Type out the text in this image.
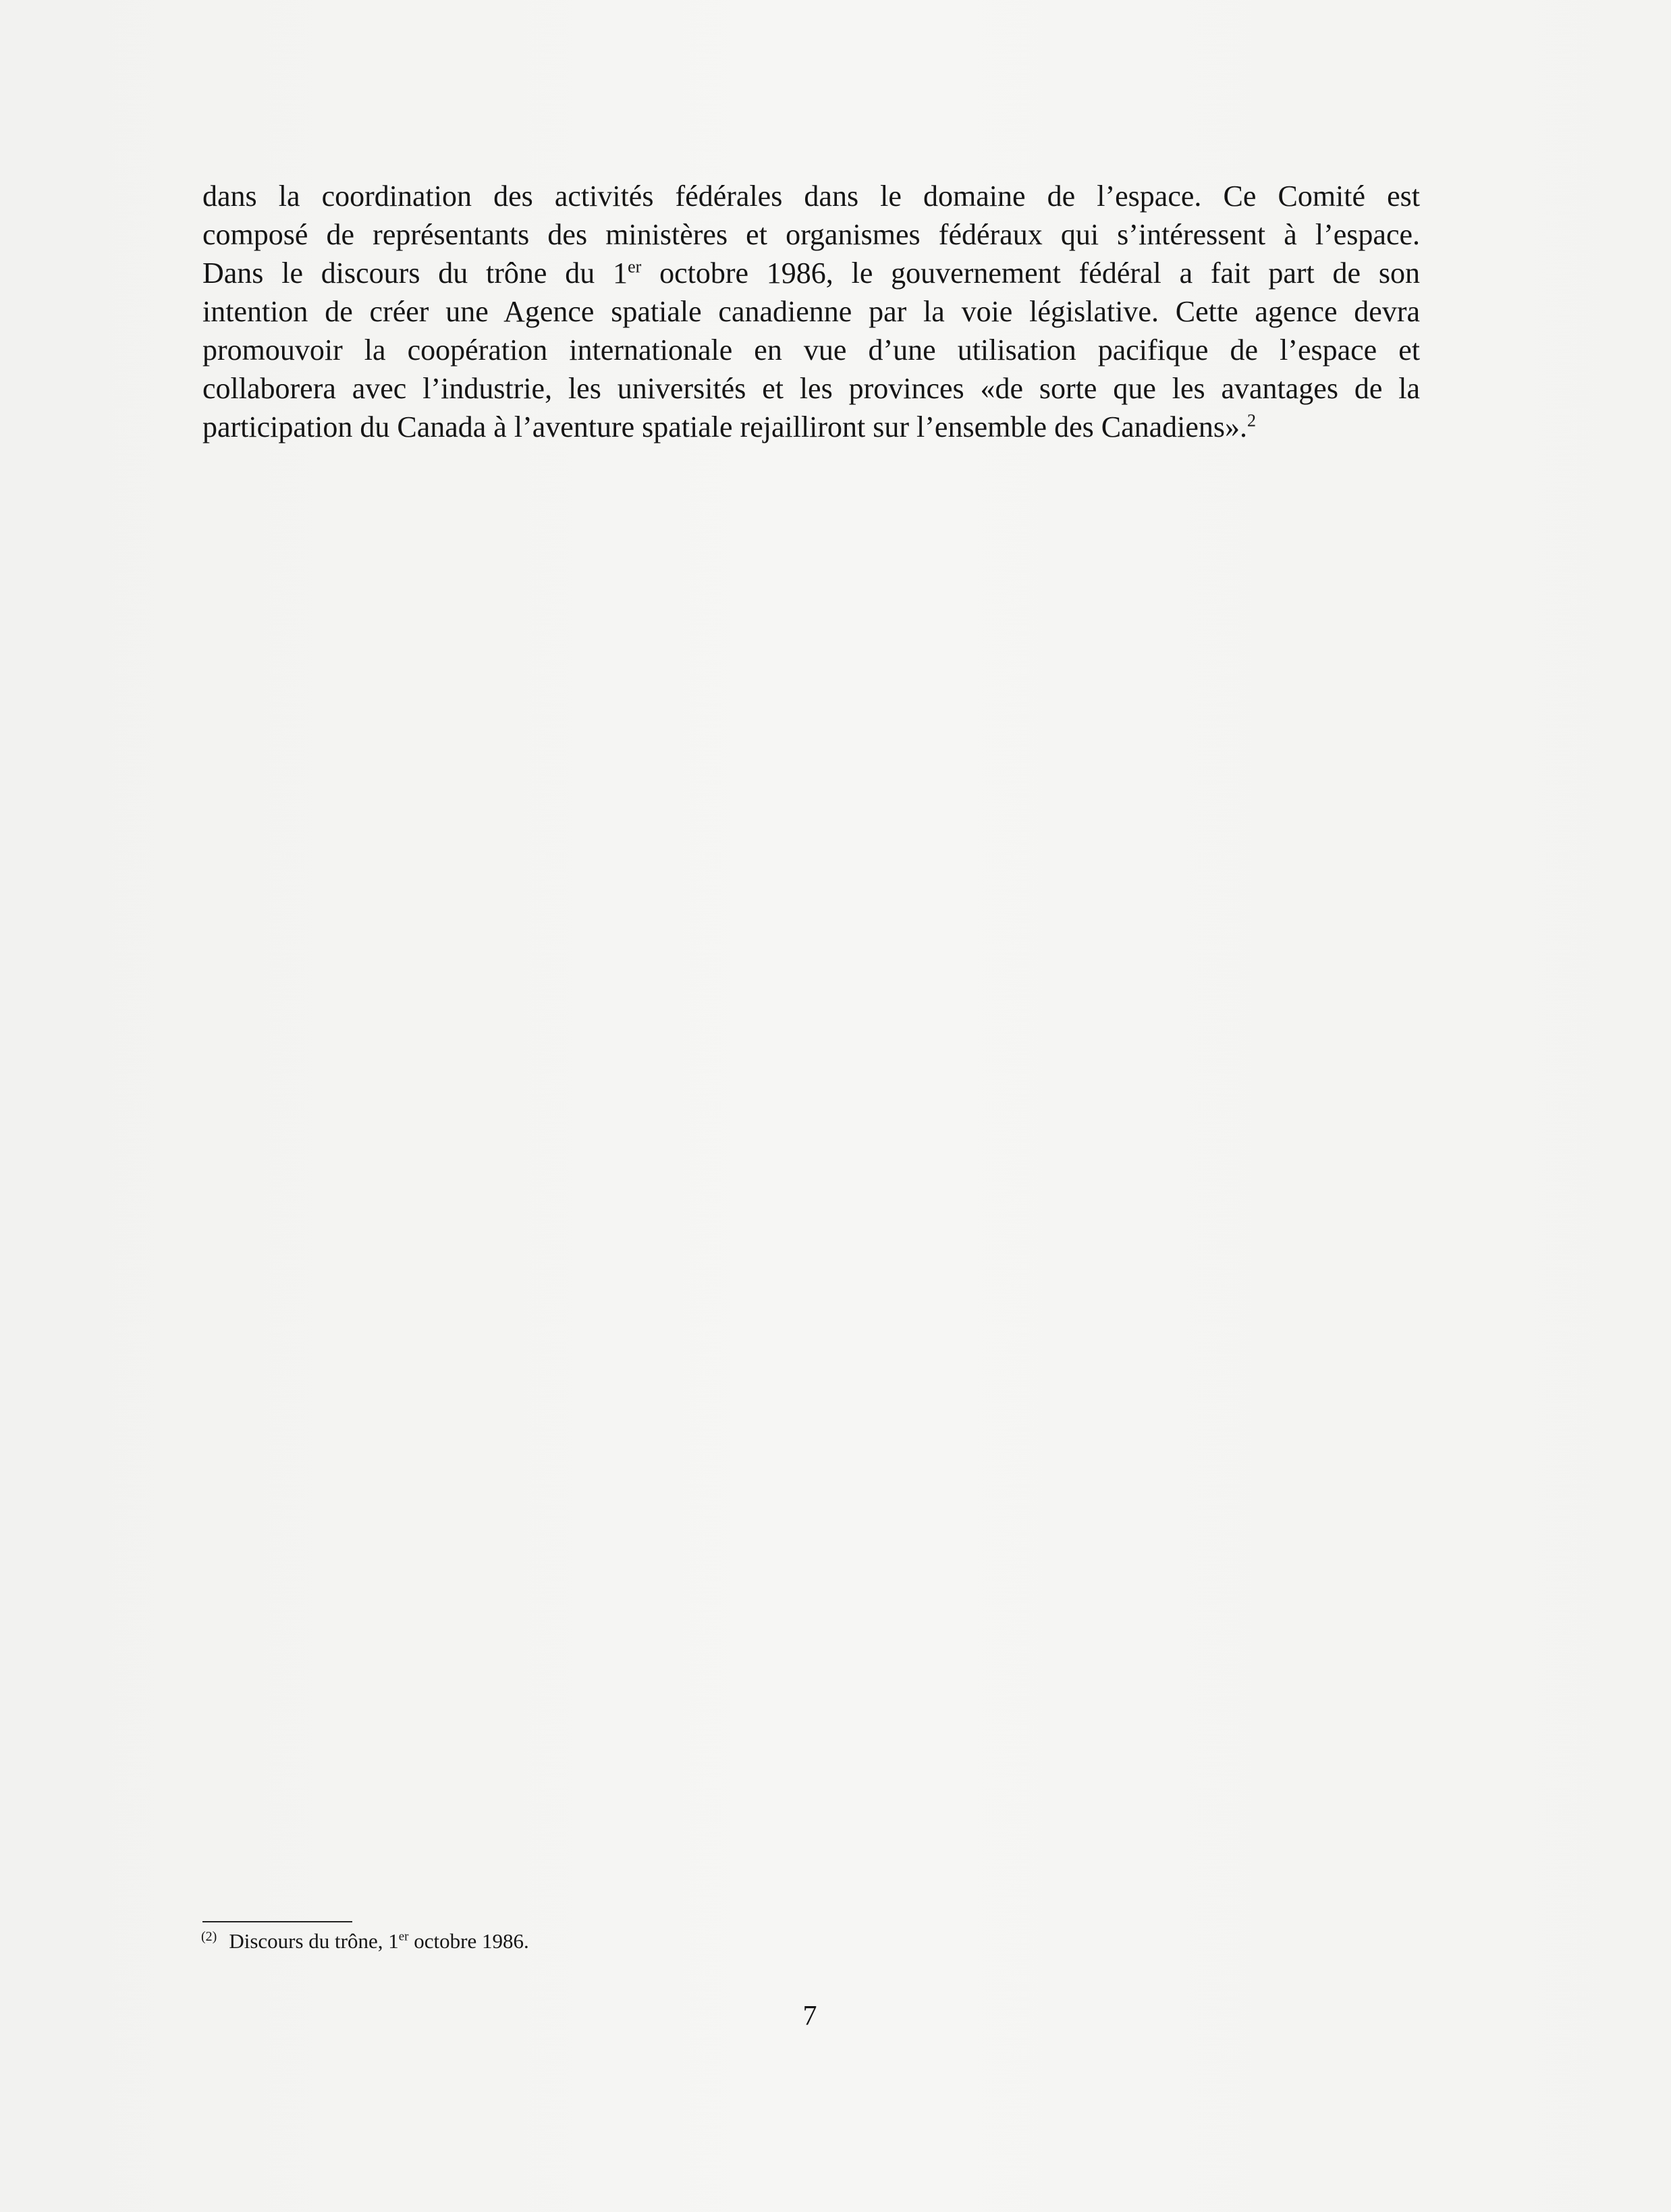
dans la coordination des activités fédérales dans le domaine de l’espace. Ce Comité est
composé de représentants des ministères et organismes fédéraux qui s’intéressent à l’espace.
Dans le discours du trône du 1er octobre 1986, le gouvernement fédéral a fait part de son
intention de créer une Agence spatiale canadienne par la voie législative. Cette agence devra
promouvoir la coopération internationale en vue d’une utilisation pacifique de l’espace et
collaborera avec l’industrie, les universités et les provinces «de sorte que les avantages de la
participation du Canada à l’aventure spatiale rejailliront sur l’ensemble des Canadiens».$^2$
$^{(2)}$ Discours du trône, 1er octobre 1986.
7
